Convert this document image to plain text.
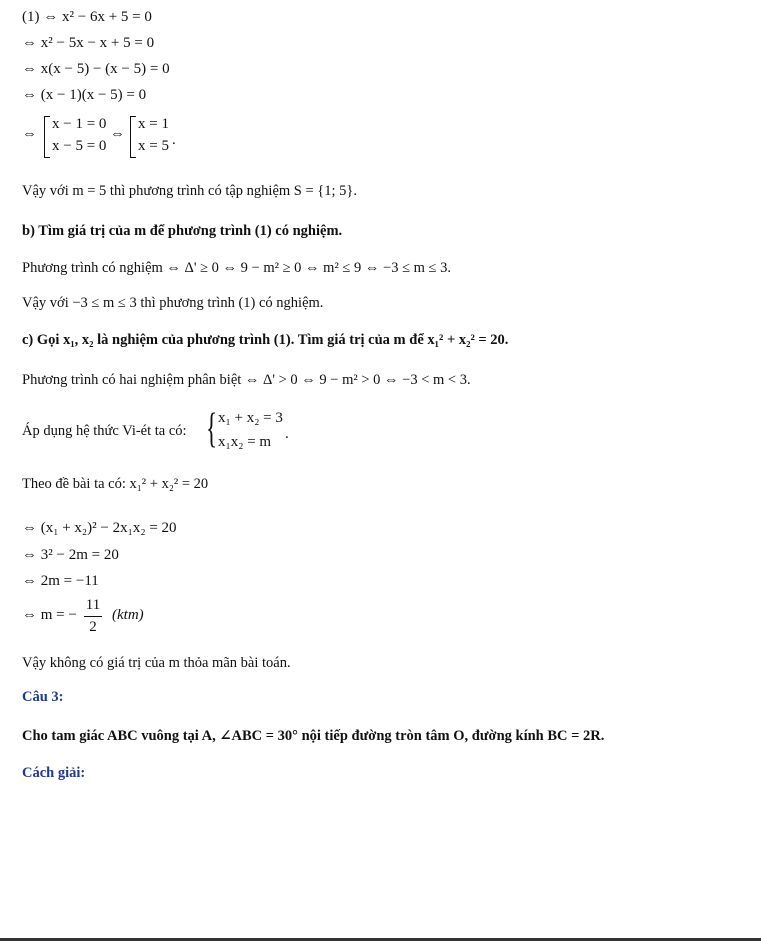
(1) ⇔ x² − 6x + 5 = 0
⇔ x² − 5x − x + 5 = 0
⇔ x(x − 5) − (x − 5) = 0
⇔ (x − 1)(x − 5) = 0
⇔
x − 1 = 0
x − 5 = 0
⇔
x = 1
x = 5 .
Vậy với m = 5 thì phương trình có tập nghiệm S = {1; 5}.
b) Tìm giá trị của m để phương trình (1) có nghiệm.
Phương trình có nghiệm ⇔ Δ' ≥ 0 ⇔ 9 − m² ≥ 0 ⇔ m² ≤ 9 ⇔ −3 ≤ m ≤ 3.
Vậy với −3 ≤ m ≤ 3 thì phương trình (1) có nghiệm.
c) Gọi x₁, x₂ là nghiệm của phương trình (1). Tìm giá trị của m để x₁² + x₂² = 20.
Phương trình có hai nghiệm phân biệt ⇔ Δ' > 0 ⇔ 9 − m² > 0 ⇔ −3 < m < 3.
Áp dụng hệ thức Vi-ét ta có: { x₁ + x₂ = 3
x₁x₂ = m .
Theo đề bài ta có: x₁² + x₂² = 20
⇔ (x₁ + x₂)² − 2x₁x₂ = 20
⇔ 3² − 2m = 20
⇔ 2m = −11
⇔ m = −
11
2
(ktm)
Vậy không có giá trị của m thỏa mãn bài toán.
Câu 3:
Cho tam giác ABC vuông tại A, ∠ABC = 30° nội tiếp đường tròn tâm O, đường kính BC = 2R.
Cách giải:
